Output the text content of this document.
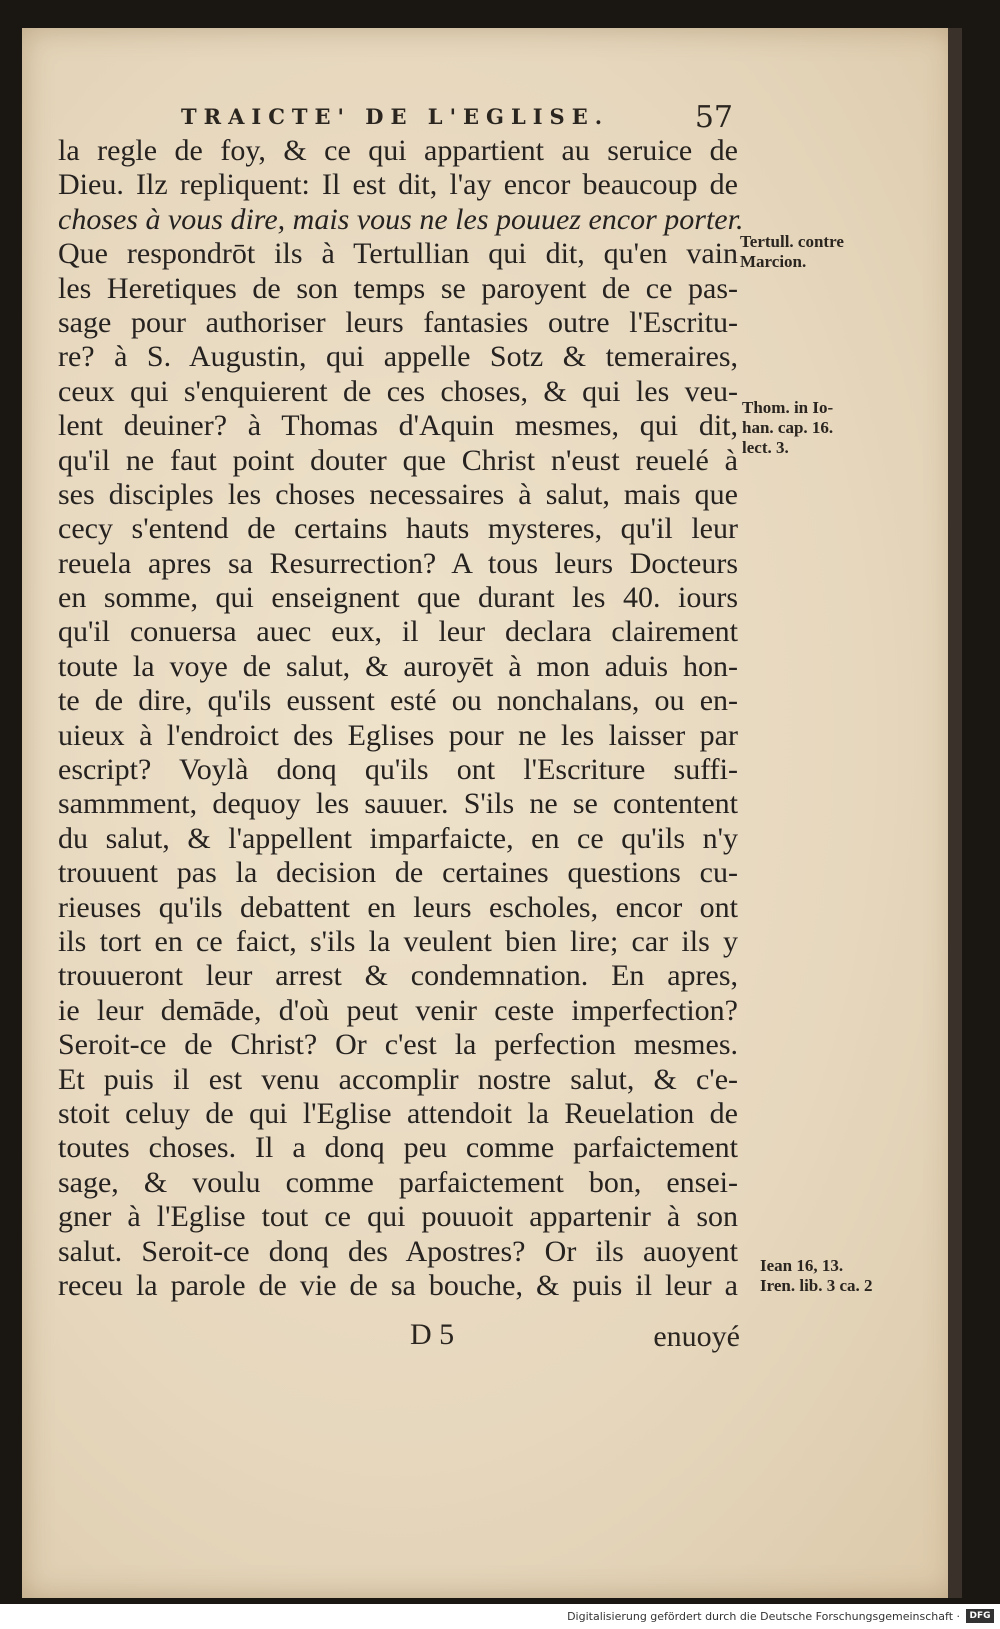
TRAICTE' DE L'EGLISE.	57
la regle de foy, & ce qui appartient au seruice de
Dieu. Ilz repliquent: Il est dit, l'ay encor beaucoup de
choses à vous dire, mais vous ne les pouuez encor porter.
Que respondrōt ils à Tertullian qui dit, qu'en vain
les Heretiques de son temps se paroyent de ce pas-
sage pour authoriser leurs fantasies outre l'Escritu-
re? à S. Augustin, qui appelle Sotz & temeraires,
ceux qui s'enquierent de ces choses, & qui les veu-
lent deuiner? à Thomas d'Aquin mesmes, qui dit,
qu'il ne faut point douter que Christ n'eust reuelé à
ses disciples les choses necessaires à salut, mais que
cecy s'entend de certains hauts mysteres, qu'il leur
reuela apres sa Resurrection? A tous leurs Docteurs
en somme, qui enseignent que durant les 40. iours
qu'il conuersa auec eux, il leur declara clairement
toute la voye de salut, & auroyēt à mon aduis hon-
te de dire, qu'ils eussent esté ou nonchalans, ou en-
uieux à l'endroict des Eglises pour ne les laisser par
escript? Voylà donq qu'ils ont l'Escriture suffi-
sammment, dequoy les sauuer. S'ils ne se contentent
du salut, & l'appellent imparfaicte, en ce qu'ils n'y
trouuent pas la decision de certaines questions cu-
rieuses qu'ils debattent en leurs escholes, encor ont
ils tort en ce faict, s'ils la veulent bien lire; car ils y
trouueront leur arrest & condemnation. En apres,
ie leur demāde, d'où peut venir ceste imperfection?
Seroit-ce de Christ? Or c'est la perfection mesmes.
Et puis il est venu accomplir nostre salut, & c'e-
stoit celuy de qui l'Eglise attendoit la Reuelation de
toutes choses. Il a donq peu comme parfaictement
sage, & voulu comme parfaictement bon, ensei-
gner à l'Eglise tout ce qui pouuoit appartenir à son
salut. Seroit-ce donq des Apostres? Or ils auoyent
receu la parole de vie de sa bouche, & puis il leur a
Tertull. contre
Marcion.
Thom. in Io-
han. cap. 16.
lect. 3.
Iean 16, 13.
Iren. lib. 3 ca. 2
D 5	enuoyé
Digitalisierung gefördert durch die Deutsche Forschungsgemeinschaft ·	DFG
